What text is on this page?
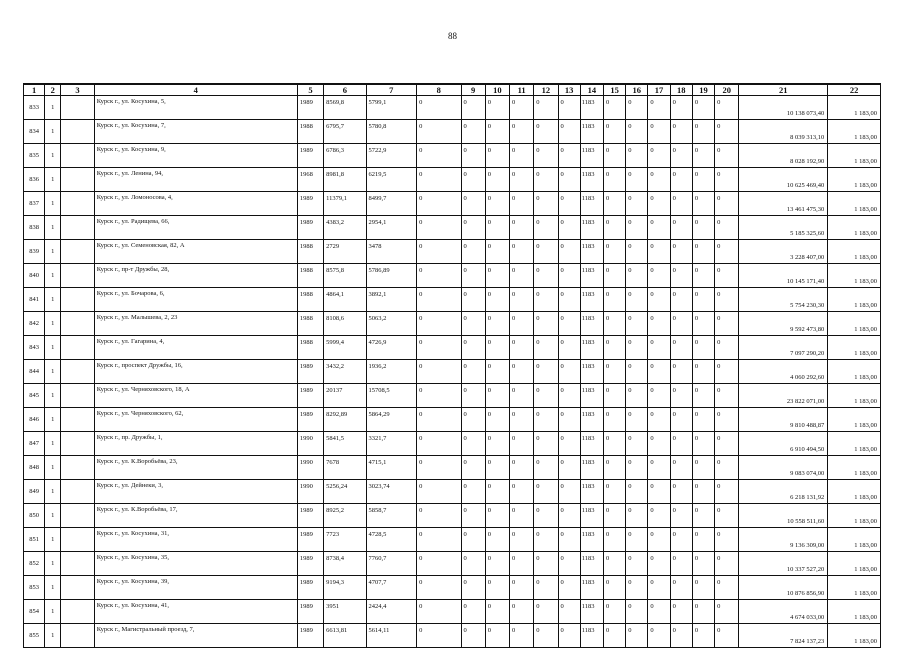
88
1	2	3	4	5	6	7	8	9	10	11	12	13	14	15	16	17	18	19	20	21	22
833	1		Курск г., ул. Косухина, 5,	1989	8569,8	5799,1	0	0	0	0	0	0	1183	0	0	0	0	0	0	10 138 073,40	1 183,00
834	1		Курск г., ул. Косухина, 7,	1988	6795,7	5780,8	0	0	0	0	0	0	1183	0	0	0	0	0	0	8 039 313,10	1 183,00
835	1		Курск г., ул. Косухина, 9,	1989	6786,3	5722,9	0	0	0	0	0	0	1183	0	0	0	0	0	0	8 028 192,90	1 183,00
836	1		Курск г., ул. Ленина, 94,	1968	8981,8	6219,5	0	0	0	0	0	0	1183	0	0	0	0	0	0	10 625 469,40	1 183,00
837	1		Курск г., ул. Ломоносова, 4,	1989	11379,1	8499,7	0	0	0	0	0	0	1183	0	0	0	0	0	0	13 461 475,30	1 183,00
838	1		Курск г., ул. Радищева, 66,	1989	4383,2	2954,1	0	0	0	0	0	0	1183	0	0	0	0	0	0	5 185 325,60	1 183,00
839	1		Курск г., ул. Семеновская, 82, А	1988	2729	3478	0	0	0	0	0	0	1183	0	0	0	0	0	0	3 228 407,00	1 183,00
840	1		Курск г., пр-т Дружбы, 28,	1988	8575,8	5786,89	0	0	0	0	0	0	1183	0	0	0	0	0	0	10 145 171,40	1 183,00
841	1		Курск г., ул. Бочарова, 6,	1988	4864,1	3892,1	0	0	0	0	0	0	1183	0	0	0	0	0	0	5 754 230,30	1 183,00
842	1		Курск г., ул. Малышева, 2, 23	1988	8108,6	5063,2	0	0	0	0	0	0	1183	0	0	0	0	0	0	9 592 473,80	1 183,00
843	1		Курск г., ул. Гагарина, 4,	1988	5999,4	4726,9	0	0	0	0	0	0	1183	0	0	0	0	0	0	7 097 290,20	1 183,00
844	1		Курск г., проспект Дружбы, 16,	1989	3432,2	1936,2	0	0	0	0	0	0	1183	0	0	0	0	0	0	4 060 292,60	1 183,00
845	1		Курск г., ул. Черняховского, 18, А	1989	20137	15708,5	0	0	0	0	0	0	1183	0	0	0	0	0	0	23 822 071,00	1 183,00
846	1		Курск г., ул. Черняховского, 62,	1989	8292,89	5864,29	0	0	0	0	0	0	1183	0	0	0	0	0	0	9 810 488,87	1 183,00
847	1		Курск г., пр. Дружбы, 1,	1990	5841,5	3321,7	0	0	0	0	0	0	1183	0	0	0	0	0	0	6 910 494,50	1 183,00
848	1		Курск г., ул. К.Воробьёва, 23,	1990	7678	4715,1	0	0	0	0	0	0	1183	0	0	0	0	0	0	9 083 074,00	1 183,00
849	1		Курск г., ул. Дейнеки, 3,	1990	5256,24	3023,74	0	0	0	0	0	0	1183	0	0	0	0	0	0	6 218 131,92	1 183,00
850	1		Курск г., ул. К.Воробьёва, 17,	1989	8925,2	5858,7	0	0	0	0	0	0	1183	0	0	0	0	0	0	10 558 511,60	1 183,00
851	1		Курск г., ул. Косухина, 31,	1989	7723	4728,5	0	0	0	0	0	0	1183	0	0	0	0	0	0	9 136 309,00	1 183,00
852	1		Курск г., ул. Косухина, 35,	1989	8738,4	7760,7	0	0	0	0	0	0	1183	0	0	0	0	0	0	10 337 527,20	1 183,00
853	1		Курск г., ул. Косухина, 39,	1989	9194,3	4707,7	0	0	0	0	0	0	1183	0	0	0	0	0	0	10 876 856,90	1 183,00
854	1		Курск г., ул. Косухина, 41,	1989	3951	2424,4	0	0	0	0	0	0	1183	0	0	0	0	0	0	4 674 033,00	1 183,00
855	1		Курск г., Магистральный проезд, 7,	1989	6613,81	5614,11	0	0	0	0	0	0	1183	0	0	0	0	0	0	7 824 137,23	1 183,00
